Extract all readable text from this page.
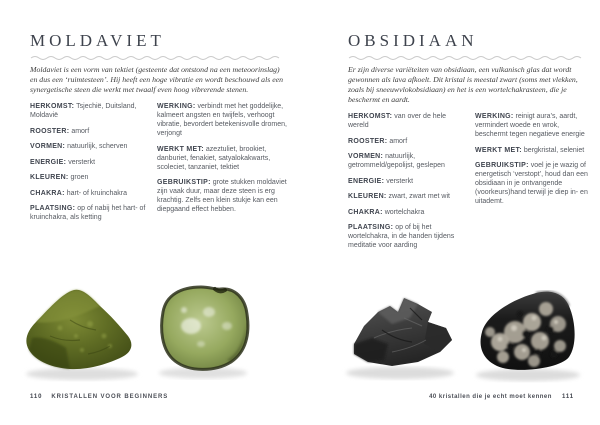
MOLDAVIET

Moldaviet is een vorm van tektiet (gesteente dat ontstond na een meteoorinslag) en dus een ‘ruimtesteen’. Hij heeft een hoge vibratie en wordt beschouwd als een synergetische steen die werkt met twaalf even hoog vibrerende stenen.

HERKOMST: Tsjechië, Duitsland, Moldavië
ROOSTER: amorf
VORMEN: natuurlijk, scherven
ENERGIE: versterkt
KLEUREN: groen
CHAKRA: hart- of kruinchakra
PLAATSING: op of nabij het hart- of kruinchakra, als ketting
WERKING: verbindt met het goddelijke, kalmeert angsten en twijfels, verhoogt vibratie, bevordert betekenisvolle dromen, verjongt
WERKT MET: azeztuliet, brookiet, danburiet, fenakiet, satyalokakwarts, scoleciet, tanzaniet, tektiet
GEBRUIKSTIP: grote stukken moldaviet zijn vaak duur, maar deze steen is erg krachtig. Zelfs een klein stukje kan een diepgaand effect hebben.
OBSIDIAAN

Er zijn diverse variëteiten van obsidiaan, een vulkanisch glas dat wordt gewonnen als lava afkoelt. Dit kristal is meestal zwart (soms met vlekken, zoals bij sneeuwvlokobsidiaan) en het is een wortelchakrasteen, die je beschermt en aardt.

HERKOMST: van over de hele wereld
ROOSTER: amorf
VORMEN: natuurlijk, getrommeld/gepolijst, geslepen
ENERGIE: versterkt
KLEUREN: zwart, zwart met wit
CHAKRA: wortelchakra
PLAATSING: op of bij het wortelchakra, in de handen tijdens meditatie voor aarding
WERKING: reinigt aura’s, aardt, vermindert woede en wrok, beschermt tegen negatieve energie
WERKT MET: bergkristal, seleniet
GEBRUIKSTIP: voel je je wazig of energetisch ‘verstopt’, houd dan een obsidiaan in je ontvangende (voorkeurs)hand terwijl je diep in- en uitademt.
110 KRISTALLEN VOOR BEGINNERS	40 kristallen die je echt moet kennen 111
